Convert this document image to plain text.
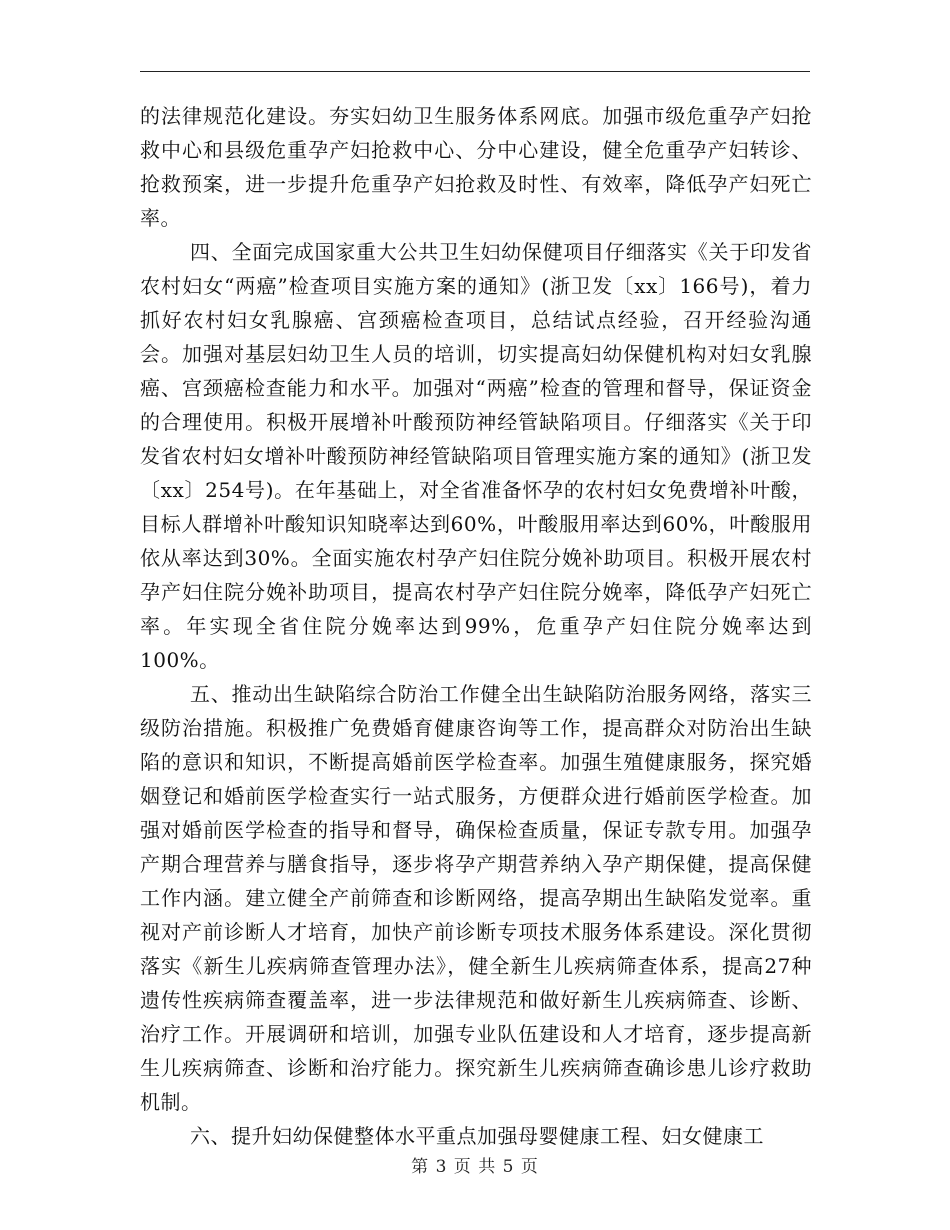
的法律规范化建设。夯实妇幼卫生服务体系网底。加强市级危重孕产妇抢救中心和县级危重孕产妇抢救中心、分中心建设，健全危重孕产妇转诊、抢救预案，进一步提升危重孕产妇抢救及时性、有效率，降低孕产妇死亡率。

四、全面完成国家重大公共卫生妇幼保健项目仔细落实《关于印发省农村妇女“两癌”检查项目实施方案的通知》(浙卫发〔xx〕166号)，着力抓好农村妇女乳腺癌、宫颈癌检查项目，总结试点经验，召开经验沟通会。加强对基层妇幼卫生人员的培训，切实提高妇幼保健机构对妇女乳腺癌、宫颈癌检查能力和水平。加强对“两癌”检查的管理和督导，保证资金的合理使用。积极开展增补叶酸预防神经管缺陷项目。仔细落实《关于印发省农村妇女增补叶酸预防神经管缺陷项目管理实施方案的通知》(浙卫发〔xx〕254号)。在年基础上，对全省准备怀孕的农村妇女免费增补叶酸，目标人群增补叶酸知识知晓率达到60%，叶酸服用率达到60%，叶酸服用依从率达到30%。全面实施农村孕产妇住院分娩补助项目。积极开展农村孕产妇住院分娩补助项目，提高农村孕产妇住院分娩率，降低孕产妇死亡率。年实现全省住院分娩率达到99%，危重孕产妇住院分娩率达到100%。

五、推动出生缺陷综合防治工作健全出生缺陷防治服务网络，落实三级防治措施。积极推广免费婚育健康咨询等工作，提高群众对防治出生缺陷的意识和知识，不断提高婚前医学检查率。加强生殖健康服务，探究婚姻登记和婚前医学检查实行一站式服务，方便群众进行婚前医学检查。加强对婚前医学检查的指导和督导，确保检查质量，保证专款专用。加强孕产期合理营养与膳食指导，逐步将孕产期营养纳入孕产期保健，提高保健工作内涵。建立健全产前筛查和诊断网络，提高孕期出生缺陷发觉率。重视对产前诊断人才培育，加快产前诊断专项技术服务体系建设。深化贯彻落实《新生儿疾病筛查管理办法》，健全新生儿疾病筛查体系，提高27种遗传性疾病筛查覆盖率，进一步法律规范和做好新生儿疾病筛查、诊断、治疗工作。开展调研和培训，加强专业队伍建设和人才培育，逐步提高新生儿疾病筛查、诊断和治疗能力。探究新生儿疾病筛查确诊患儿诊疗救助机制。

六、提升妇幼保健整体水平重点加强母婴健康工程、妇女健康工

第 3 页 共 5 页
